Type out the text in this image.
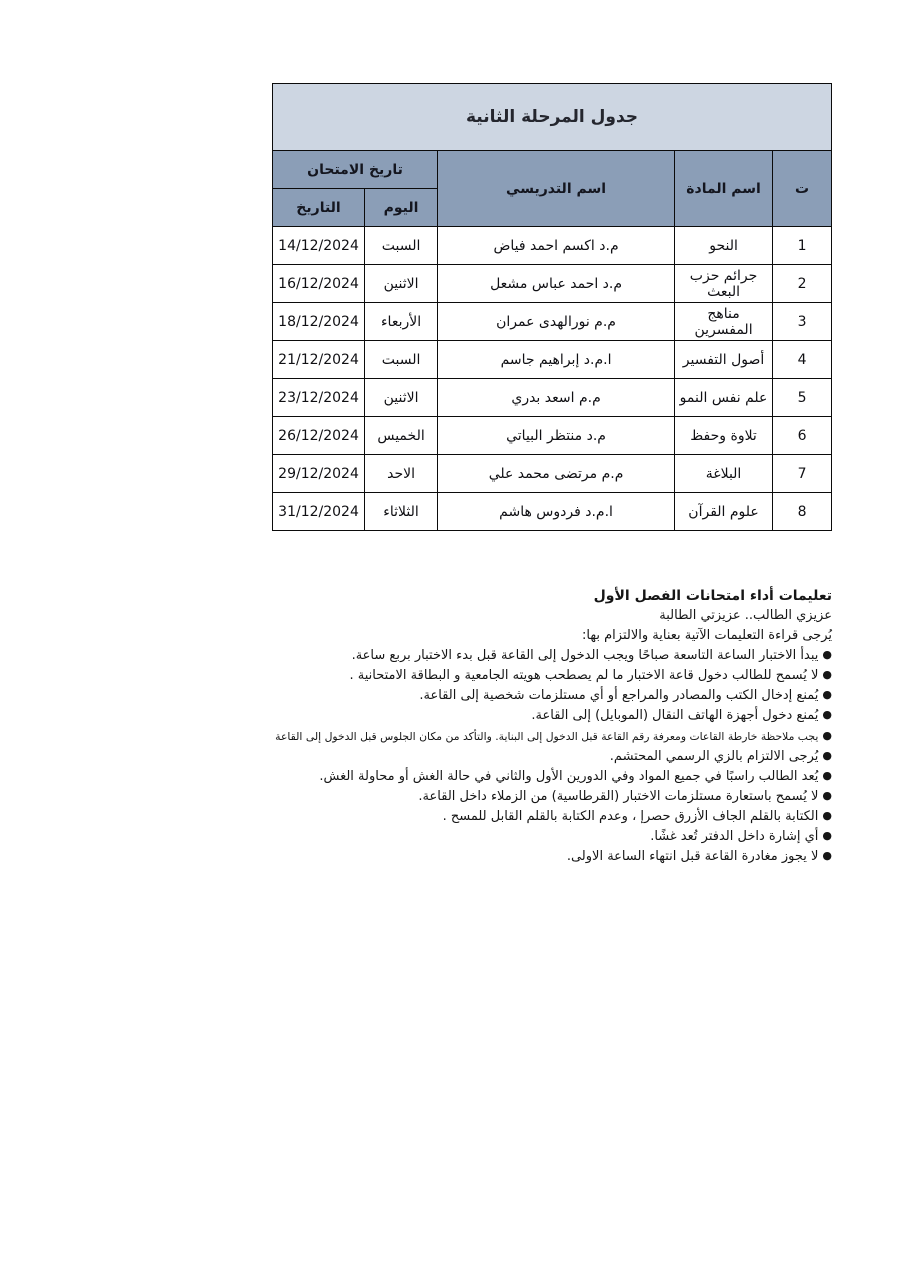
جدول المرحلة الثانية				
ت	اسم المادة	اسم التدريسي	تاريخ الامتحان	
			اليوم	التاريخ
1	النحو	م.د اكسم احمد فياض	السبت	14/12/2024
2	جرائم حزب البعث	م.د احمد عباس مشعل	الاثنين	16/12/2024
3	مناهج المفسرين	م.م نورالهدى عمران	الأربعاء	18/12/2024
4	أصول التفسير	ا.م.د إبراهيم جاسم	السبت	21/12/2024
5	علم نفس النمو	م.م اسعد بدري	الاثنين	23/12/2024
6	تلاوة وحفظ	م.د منتظر البياتي	الخميس	26/12/2024
7	البلاغة	م.م مرتضى محمد علي	الاحد	29/12/2024
8	علوم القرآن	ا.م.د فردوس هاشم	الثلاثاء	31/12/2024
تعليمات أداء امتحانات الفصل الأول
عزيزي الطالب.. عزيزتي الطالبة
يُرجى قراءة التعليمات الآتية بعناية والالتزام بها:
●يبدأ الاختبار الساعة التاسعة صباحًا ويجب الدخول إلى القاعة قبل بدء الاختبار بربع ساعة.
●لا يُسمح للطالب دخول قاعة الاختبار ما لم يصطحب هويته الجامعية و البطاقة الامتحانية .
●يُمنع إدخال الكتب والمصادر والمراجع أو أي مستلزمات شخصية إلى القاعة.
●يُمنع دخول أجهزة الهاتف النقال (الموبايل) إلى القاعة.
●يجب ملاحظة خارطة القاعات ومعرفة رقم القاعة قبل الدخول إلى البناية. والتأكد من مكان الجلوس قبل الدخول إلى القاعة
●يُرجى الالتزام بالزي الرسمي المحتشم.
●يُعد الطالب راسبًا في جميع المواد وفي الدورين الأول والثاني في حالة الغش أو محاولة الغش.
●لا يُسمح باستعارة مستلزمات الاختبار (القرطاسية) من الزملاء داخل القاعة.
●الكتابة بالقلم الجاف الأزرق حصرإ ، وعدم الكتابة بالقلم القابل للمسح .
●أي إشارة داخل الدفتر تُعد غشًا.
●لا يجوز مغادرة القاعة قبل انتهاء الساعة الاولى.
